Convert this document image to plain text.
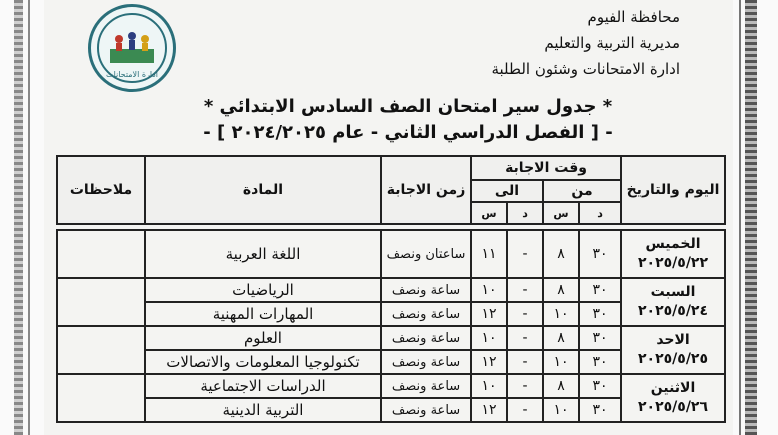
ادارة الامتحانات
محافظة الفيوم
مديرية التربية والتعليم
ادارة الامتحانات وشئون الطلبة
* جدول سير امتحان الصف السادس الابتدائي *
- [ الفصل الدراسي الثاني - عام ٢٠٢٤/٢٠٢٥ ] -
اليوم والتاريخ	وقت الاجابة				زمن الاجابة	المادة	ملاحظات
	من		الى				
	د	س	د	س			

الخميس
٢٠٢٥/٥/٢٢	٣٠	٨	-	١١	ساعتان ونصف	اللغة العربية	

السبت
٢٠٢٥/٥/٢٤	٣٠	٨	-	١٠	ساعة ونصف	الرياضيات	
	٣٠	١٠	-	١٢	ساعة ونصف	المهارات المهنية	

الاحد
٢٠٢٥/٥/٢٥	٣٠	٨	-	١٠	ساعة ونصف	العلوم	
	٣٠	١٠	-	١٢	ساعة ونصف	تكنولوجيا المعلومات والاتصالات	

الاثنين
٢٠٢٥/٥/٢٦	٣٠	٨	-	١٠	ساعة ونصف	الدراسات الاجتماعية	
	٣٠	١٠	-	١٢	ساعة ونصف	التربية الدينية	
